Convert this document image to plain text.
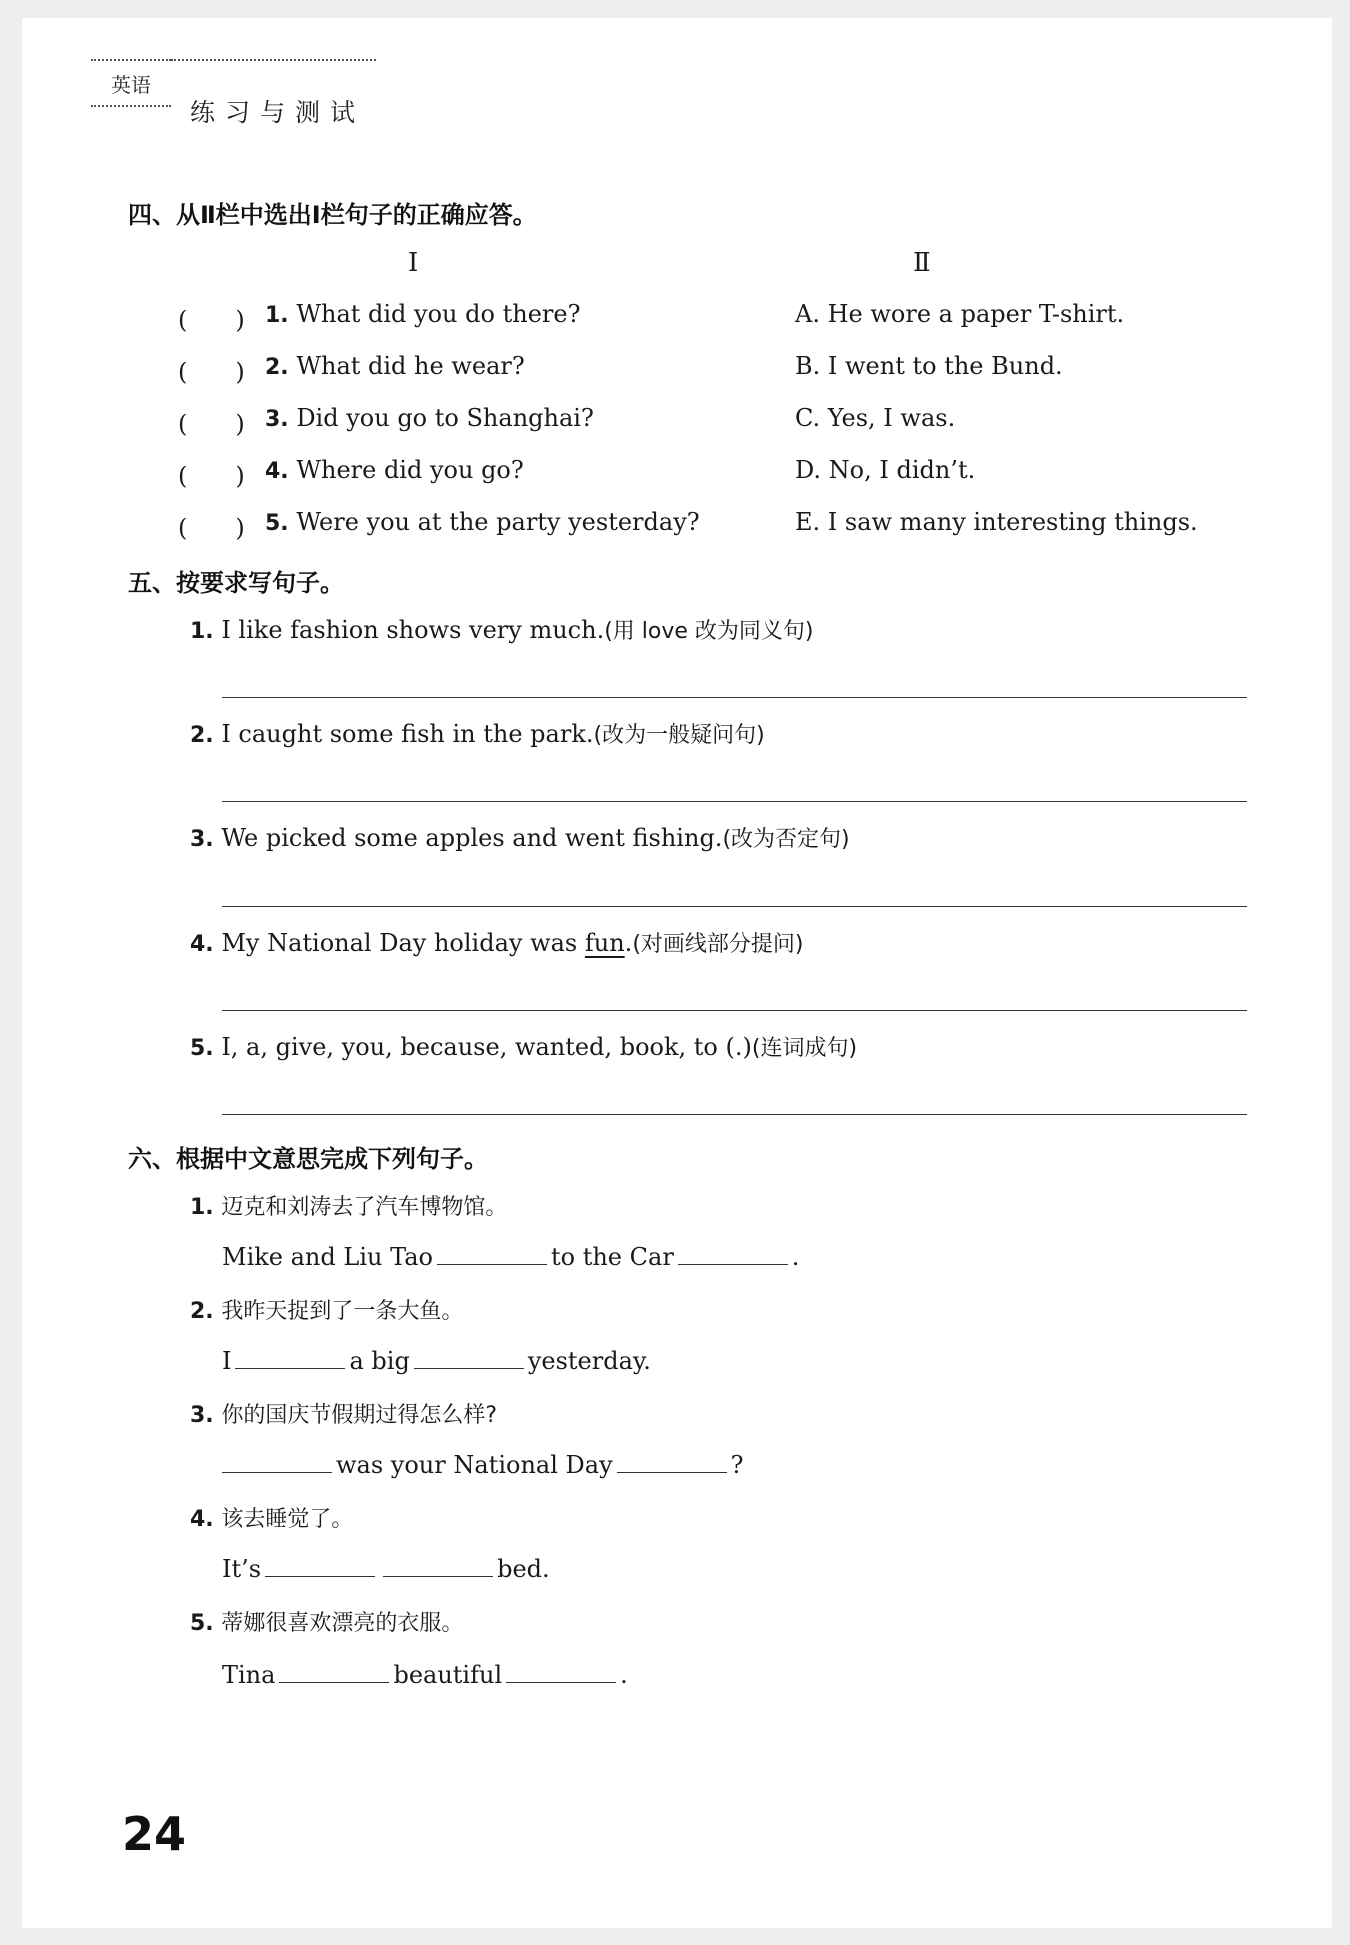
英语
练习与测试
四、从Ⅱ栏中选出Ⅰ栏句子的正确应答。
Ⅰ	Ⅱ
(　　) 1. What did you do there?	A. He wore a paper T-shirt.
(　　) 2. What did he wear?	B. I went to the Bund.
(　　) 3. Did you go to Shanghai?	C. Yes, I was.
(　　) 4. Where did you go?	D. No, I didn’t.
(　　) 5. Were you at the party yesterday?	E. I saw many interesting things.
五、按要求写句子。
1. I like fashion shows very much.(用 love 改为同义句)
2. I caught some fish in the park.(改为一般疑问句)
3. We picked some apples and went fishing.(改为否定句)
4. My National Day holiday was fun.(对画线部分提问)
5. I, a, give, you, because, wanted, book, to (.)(连词成句)
六、根据中文意思完成下列句子。
1. 迈克和刘涛去了汽车博物馆。
Mike and Liu Tao	to the Car	.
2. 我昨天捉到了一条大鱼。
I	a big	yesterday.
3. 你的国庆节假期过得怎么样?
was your National Day	?
4. 该去睡觉了。
It’s	bed.
5. 蒂娜很喜欢漂亮的衣服。
Tina	beautiful	.
24
